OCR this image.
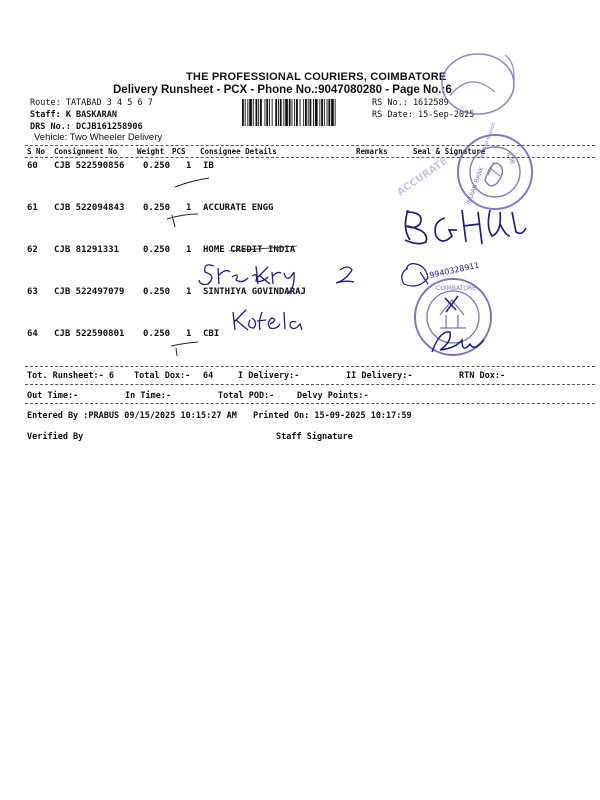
THE PROFESSIONAL COURIERS, COIMBATORE
Delivery Runsheet - PCX - Phone No.:9047080280 - Page No.:6
Route: TATABAD 3 4 5 6 7
Staff: K BASKARAN
DRS No.: DCJB161258906
Vehicle: Two Wheeler Delivery
RS No.: 1612589
RS Date: 15-Sep-2025
S No Consignment No	Weight PCS Consignee Details	Remarks	Seal & Signature
60 CJB 522590856 0.250 1 IB
61 CJB 522094843 0.250 1 ACCURATE ENGG
62 CJB 81291331	0.250 1 HOME CREDIT INDIA
63 CJB 522497079 0.250 1 SINTHIYA GOVINDARAJ
64 CJB 522590801 0.250 1 CBI
Tot. Runsheet:- 6 Total Dox:- 64	I Delivery:-	II Delivery:-	RTN Dox:-
Out Time:-	In Time:-	Total POD:-	Delvy Points:-
Entered By :PRABUS 09/15/2025 10:15:27 AM Printed On: 15-09-2025 10:17:59
Verified By	Staff Signature
INDIAN BANK
Tatabad Branch IDIB
ACCURATE
9940328911
COIMBATORE
